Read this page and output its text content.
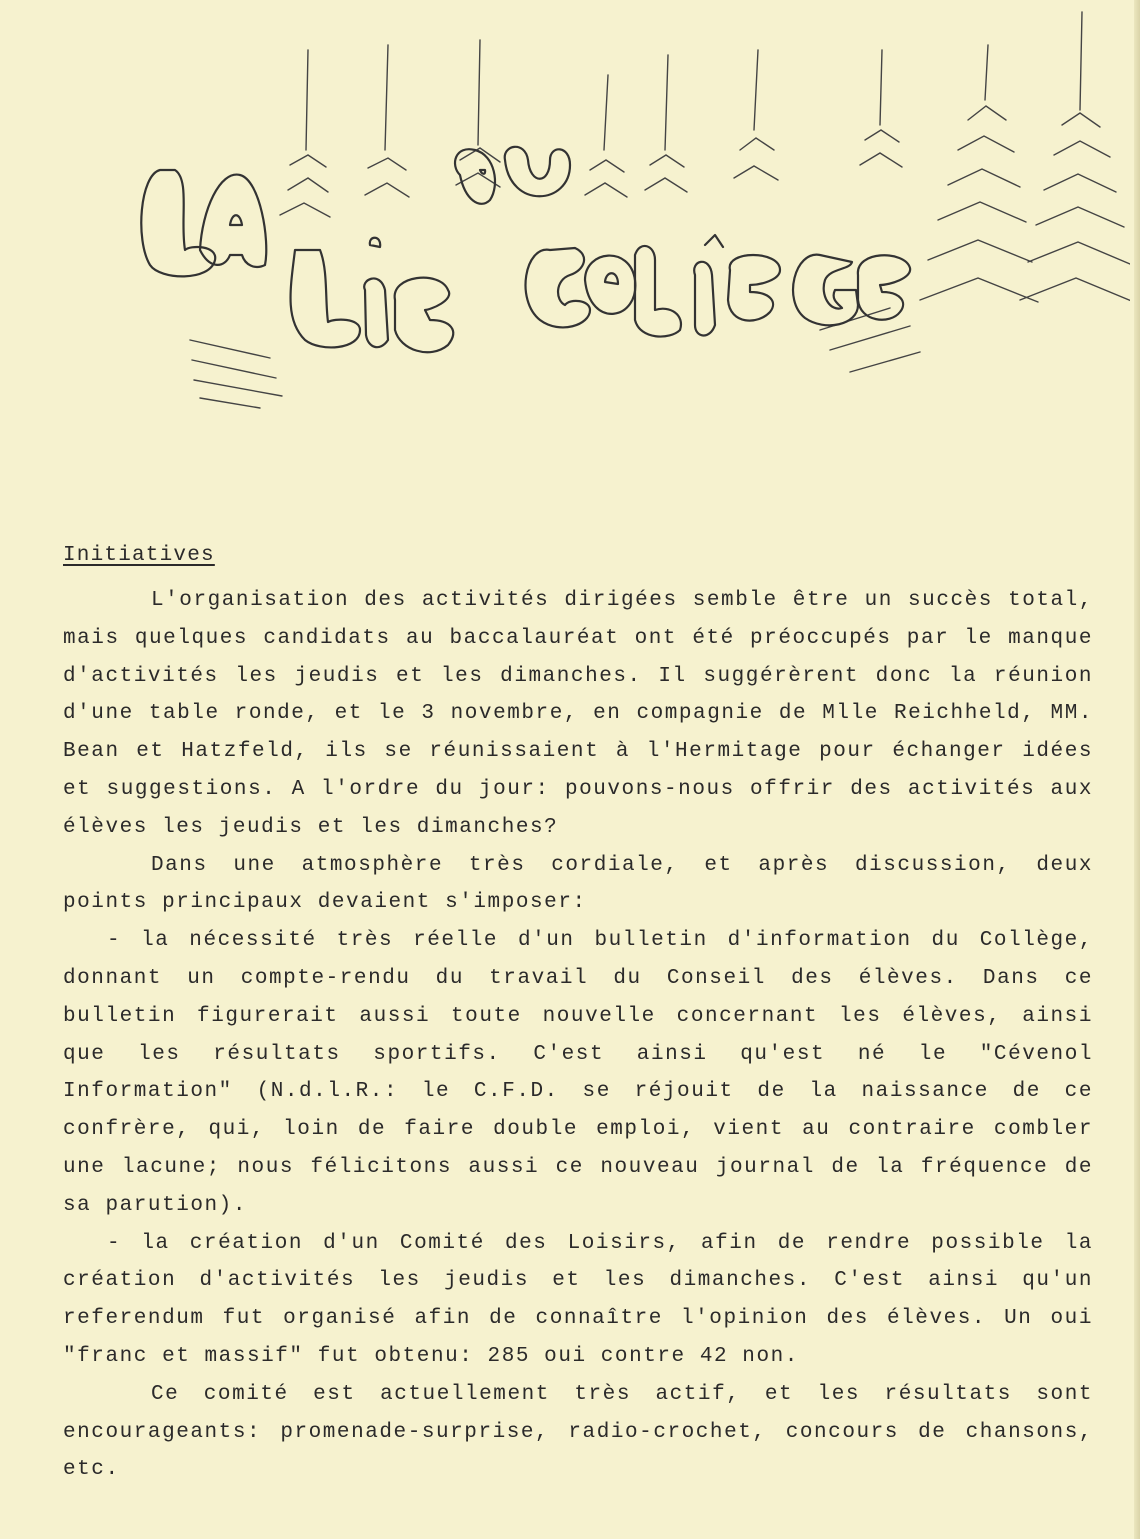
Initiatives

L'organisation des activités dirigées semble être un succès total, mais quelques candidats au baccalauréat ont été préoccupés par le manque d'activités les jeudis et les dimanches. Il suggérèrent donc la réunion d'une table ronde, et le 3 novembre, en compagnie de Mlle Reichheld, MM. Bean et Hatzfeld, ils se réunissaient à l'Hermitage pour échanger idées et suggestions. A l'ordre du jour: pouvons-nous offrir des activités aux élèves les jeudis et les dimanches?

Dans une atmosphère très cordiale, et après discussion, deux points principaux devaient s'imposer:

- la nécessité très réelle d'un bulletin d'information du Collège, donnant un compte-rendu du travail du Conseil des élèves. Dans ce bulletin figurerait aussi toute nouvelle concernant les élèves, ainsi que les résultats sportifs. C'est ainsi qu'est né le "Cévenol Information" (N.d.l.R.: le C.F.D. se réjouit de la naissance de ce confrère, qui, loin de faire double emploi, vient au contraire combler une lacune; nous félicitons aussi ce nouveau journal de la fréquence de sa parution).

- la création d'un Comité des Loisirs, afin de rendre possible la création d'activités les jeudis et les dimanches. C'est ainsi qu'un referendum fut organisé afin de connaître l'opinion des élèves. Un oui "franc et massif" fut obtenu: 285 oui contre 42 non.

Ce comité est actuellement très actif, et les résultats sont encourageants: promenade-surprise, radio-crochet, concours de chansons, etc.
